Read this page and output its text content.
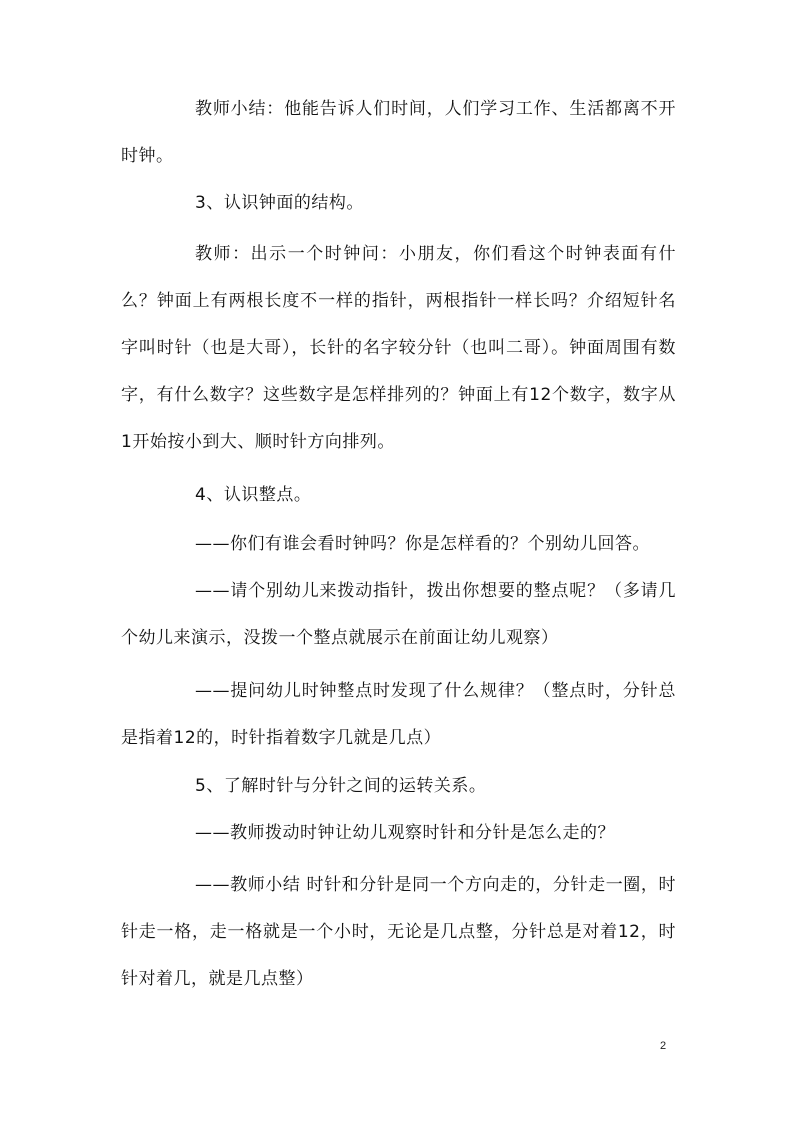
教师小结：他能告诉人们时间，人们学习工作、生活都离不开时钟。

3、认识钟面的结构。

教师：出示一个时钟问：小朋友，你们看这个时钟表面有什么？钟面上有两根长度不一样的指针，两根指针一样长吗？介绍短针名字叫时针（也是大哥），长针的名字较分针（也叫二哥）。钟面周围有数字，有什么数字？这些数字是怎样排列的？钟面上有12个数字，数字从1开始按小到大、顺时针方向排列。

4、认识整点。

——你们有谁会看时钟吗？你是怎样看的？个别幼儿回答。

——请个别幼儿来拨动指针，拨出你想要的整点呢？（多请几个幼儿来演示，没拨一个整点就展示在前面让幼儿观察）

——提问幼儿时钟整点时发现了什么规律？（整点时，分针总是指着12的，时针指着数字几就是几点）

5、了解时针与分针之间的运转关系。

——教师拨动时钟让幼儿观察时针和分针是怎么走的？

——教师小结 时针和分针是同一个方向走的，分针走一圈，时针走一格，走一格就是一个小时，无论是几点整，分针总是对着12，时针对着几，就是几点整）

2
